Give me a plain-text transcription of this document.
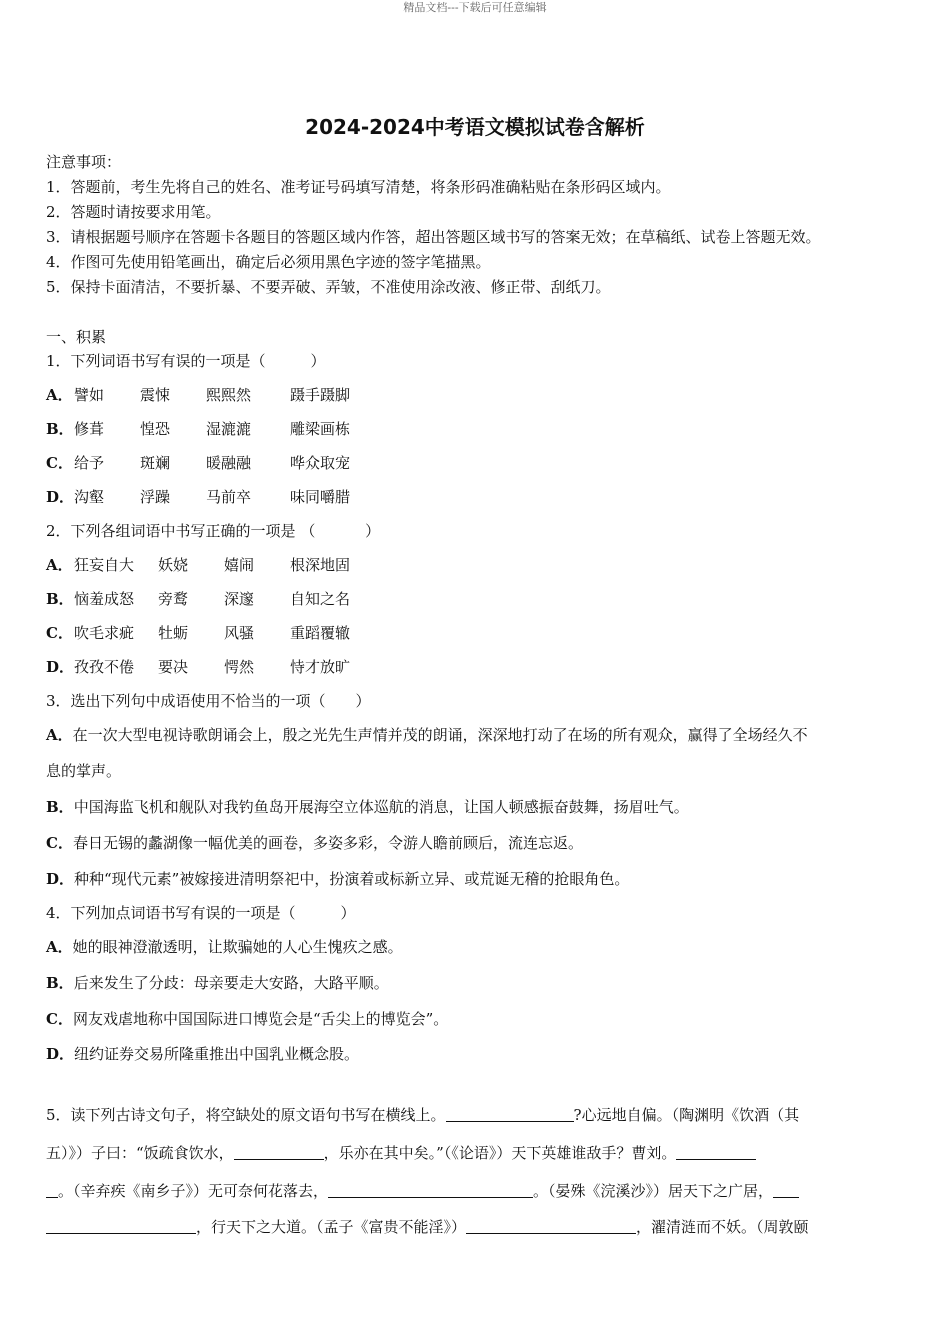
精品文档---下载后可任意编辑
2024-2024中考语文模拟试卷含解析
注意事项：
1．答题前，考生先将自己的姓名、准考证号码填写清楚，将条形码准确粘贴在条形码区域内。
2．答题时请按要求用笔。
3．请根据题号顺序在答题卡各题目的答题区域内作答，超出答题区域书写的答案无效；在草稿纸、试卷上答题无效。
4．作图可先使用铅笔画出，确定后必须用黑色字迹的签字笔描黑。
5．保持卡面清洁，不要折暴、不要弄破、弄皱，不准使用涂改液、修正带、刮纸刀。
一、积累
1．下列词语书写有误的一项是（　　　）
A．譬如 震悚 熙熙然	蹑手蹑脚
B．修葺 惶恐 湿漉漉	雕梁画栋
C．给予 斑斓 暖融融	哗众取宠
D．沟壑 浮躁 马前卒	味同嚼腊
2．下列各组词语中书写正确的一项是 （　　　 ）
A．狂妄自大 妖娆 嬉闹 根深地固
B．恼羞成怒 旁鹜 深邃 自知之名
C．吹毛求疵 牡蛎 风骚 重蹈覆辙
D．孜孜不倦 要决 愕然 恃才放旷
3．选出下列句中成语使用不恰当的一项（　　）
A．在一次大型电视诗歌朗诵会上，殷之光先生声情并茂的朗诵，深深地打动了在场的所有观众，赢得了全场经久不
息的掌声。
B．中国海监飞机和舰队对我钓鱼岛开展海空立体巡航的消息，让国人顿感振奋鼓舞，扬眉吐气。
C．春日无锡的蠡湖像一幅优美的画卷，多姿多彩，令游人瞻前顾后，流连忘返。
D．种种“现代元素”被嫁接进清明祭祀中，扮演着或标新立异、或荒诞无稽的抢眼角色。
4．下列加点词语书写有误的一项是（　　　）
A．她的眼神澄澈透明，让欺骗她的人心生愧疚之感。
B．后来发生了分歧：母亲要走大安路，大路平顺。
C．网友戏虐地称中国国际进口博览会是“舌尖上的博览会”。
D．纽约证券交易所隆重推出中国乳业概念股。
5．读下列古诗文句子，将空缺处的原文语句书写在横线上。	?心远地自偏。（陶渊明《饮酒（其
五）》）子曰：“饭疏食饮水，	，乐亦在其中矣。”（《论语》）天下英雄谁敌手？曹刘。
。（辛弃疾《南乡子》）无可奈何花落去，	。（晏殊《浣溪沙》）居天下之广居，
，行天下之大道。（孟子《富贵不能淫》）	，濯清涟而不妖。（周敦颐
